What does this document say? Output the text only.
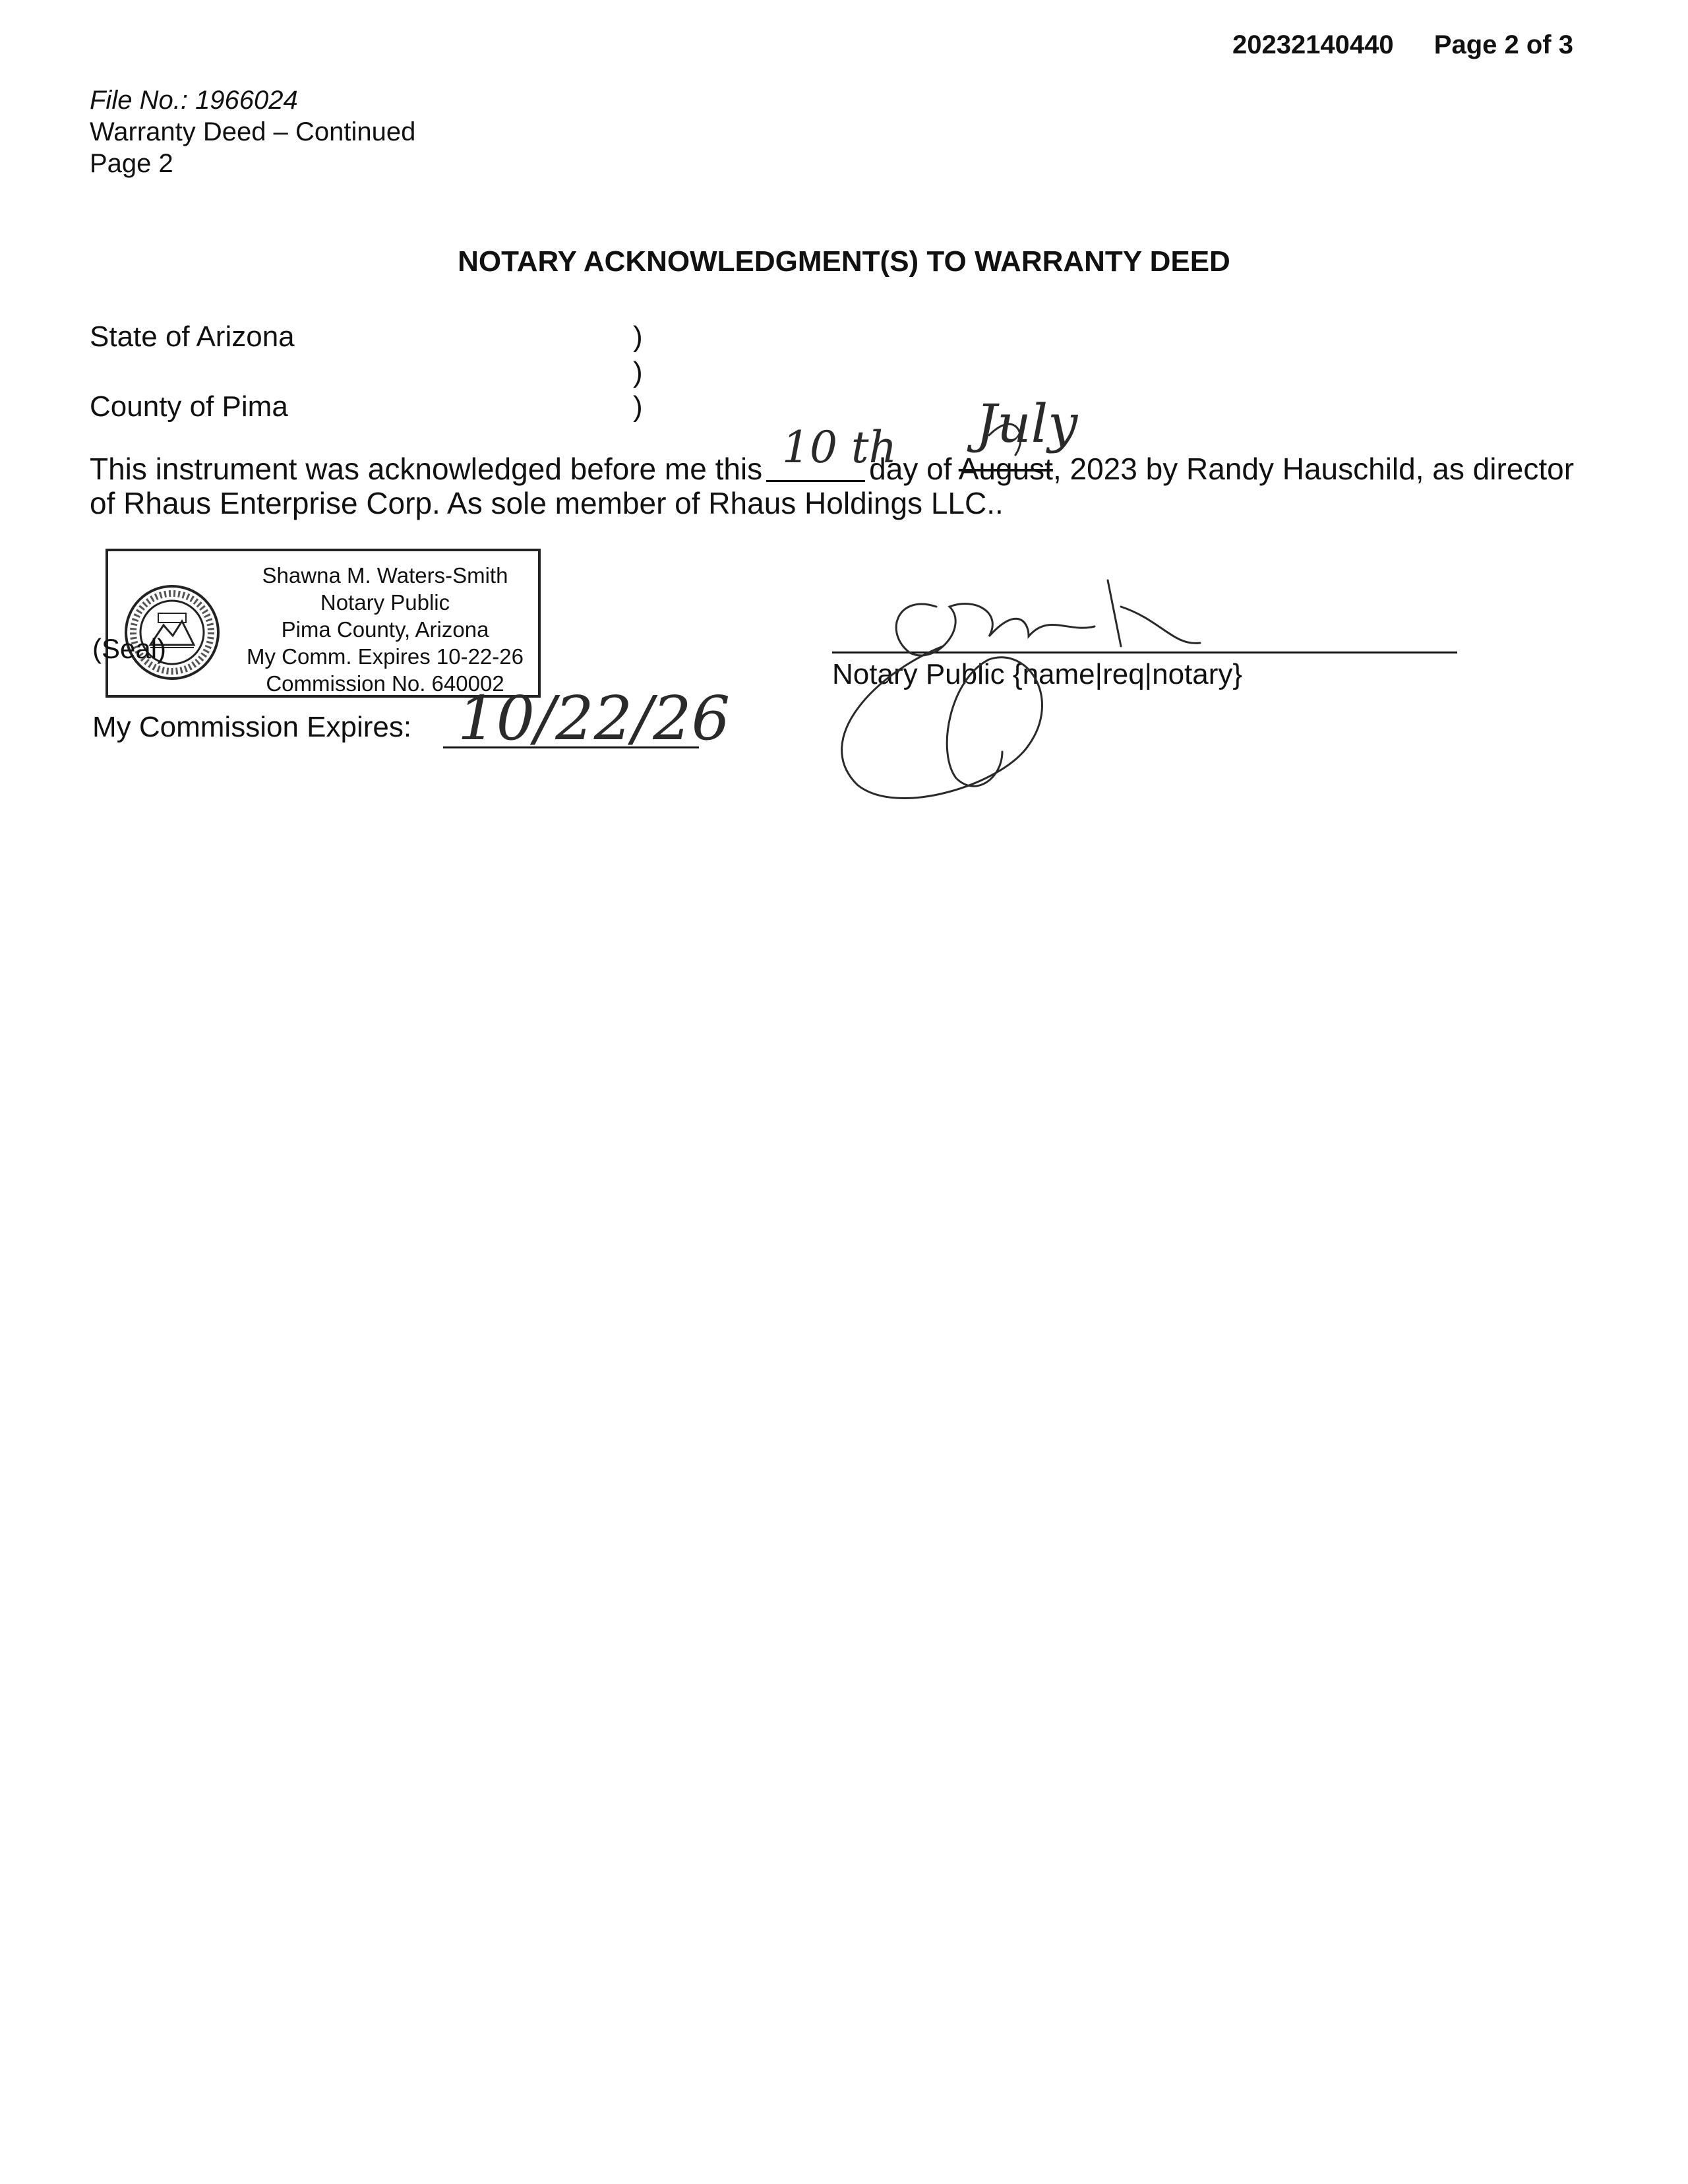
20232140440 Page 2 of 3
File No.: 1966024
Warranty Deed – Continued
Page 2
NOTARY ACKNOWLEDGMENT(S) TO WARRANTY DEED
State of Arizona
County of Pima
)
)
)
This instrument was acknowledged before me this	day of August, 2023 by Randy Hauschild, as director
of Rhaus Enterprise Corp. As sole member of Rhaus Holdings LLC..
10 th July
Shawna M. Waters-Smith
Notary Public
Pima County, Arizona
My Comm. Expires 10-22-26
Commission No. 640002
(Seal)
My Commission Expires: 10/22/26
Notary Public {name|req|notary}
